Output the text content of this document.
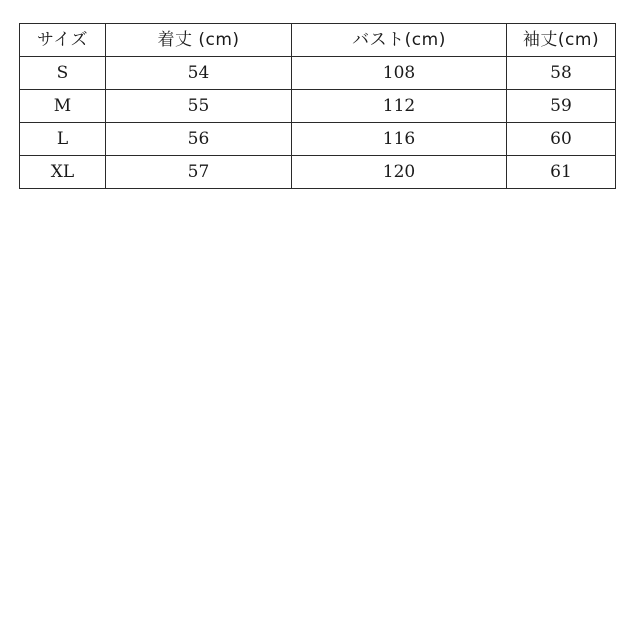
サイズ	着丈 (cm)	バスト(cm)	袖丈(cm)
S	54	108	58
M	55	112	59
L	56	116	60
XL	57	120	61
